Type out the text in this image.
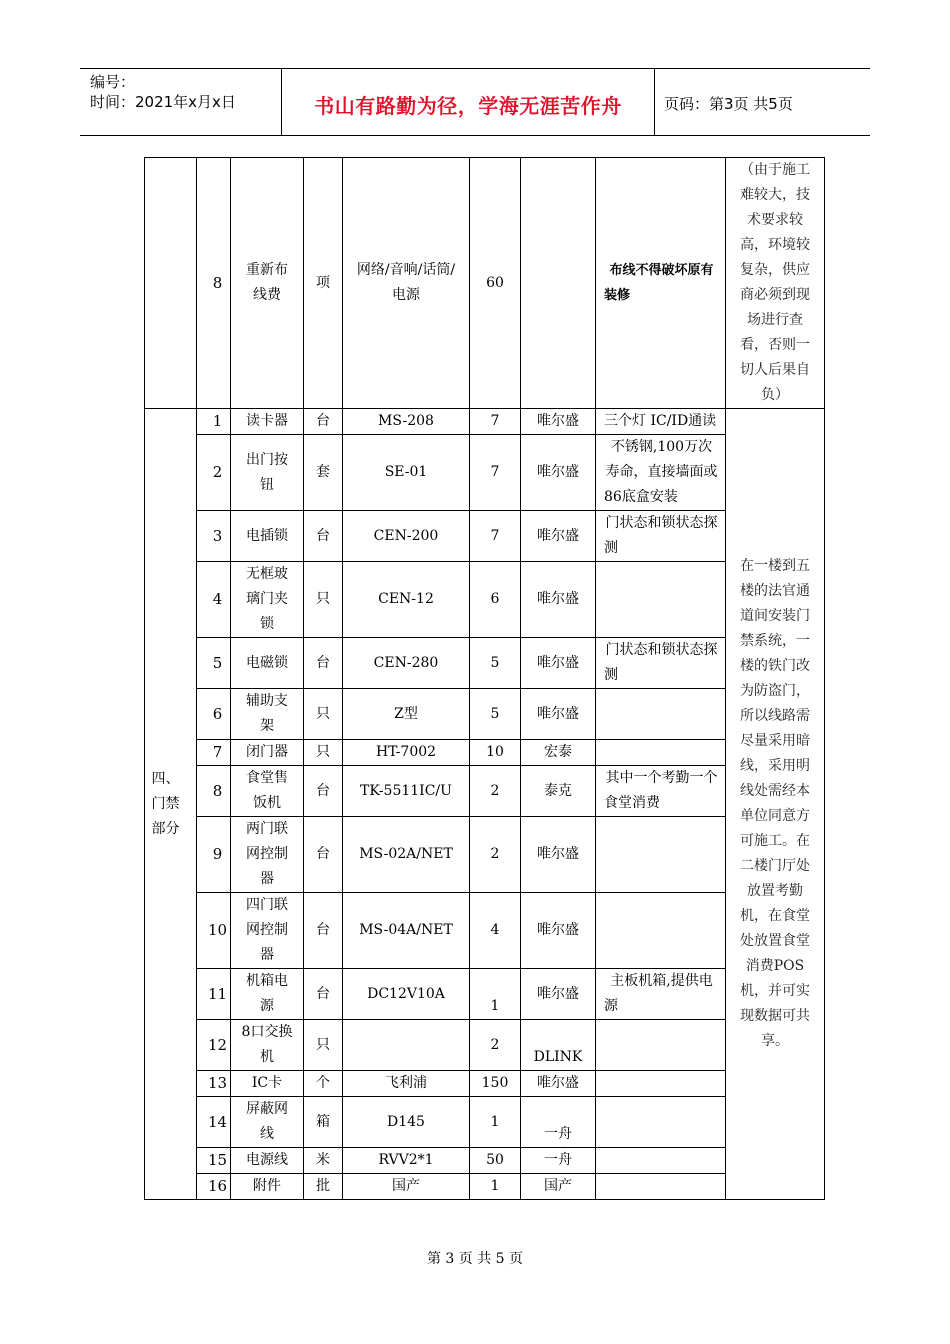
编号：
时间：2021年x月x日	书山有路勤为径，学海无涯苦作舟	页码：第3页 共5页
	8	重新布线费	项	网络/音响/话筒/电源	60		布线不得破坏原有装修	（由于施工难较大，技术要求较高，环境较复杂，供应商必须到现场进行查看，否则一切人后果自负）
四、门禁部分	1	读卡器	台	MS-208	7	唯尔盛	三个灯 IC/ID通读	在一楼到五楼的法官通道间安装门禁系统，一楼的铁门改为防盗门，所以线路需尽量采用暗线，采用明线处需经本单位同意方可施工。在二楼门厅处放置考勤机，在食堂处放置食堂消费POS机，并可实现数据可共享。
	2	出门按钮	套	SE-01	7	唯尔盛	不锈钢,100万次寿命，直接墙面或86底盒安装	
	3	电插锁	台	CEN-200	7	唯尔盛	门状态和锁状态探测	
	4	无框玻璃门夹锁	只	CEN-12	6	唯尔盛		
	5	电磁锁	台	CEN-280	5	唯尔盛	门状态和锁状态探测	
	6	辅助支架	只	Z型	5	唯尔盛		
	7	闭门器	只	HT-7002	10	宏泰		
	8	食堂售饭机	台	TK-5511IC/U	2	泰克	其中一个考勤一个食堂消费	
	9	两门联网控制器	台	MS-02A/NET	2	唯尔盛		
	10	四门联网控制器	台	MS-04A/NET	4	唯尔盛		
	11	机箱电源	台	DC12V10A	1	唯尔盛	主板机箱,提供电源	
	12	8口交换机	只		2	DLINK		
	13	IC卡	个	飞利浦	150	唯尔盛		
	14	屏蔽网线	箱	D145	1	一舟		
	15	电源线	米	RVV2*1	50	一舟		
	16	附件	批	国产	1	国产		
第 3 页 共 5 页
